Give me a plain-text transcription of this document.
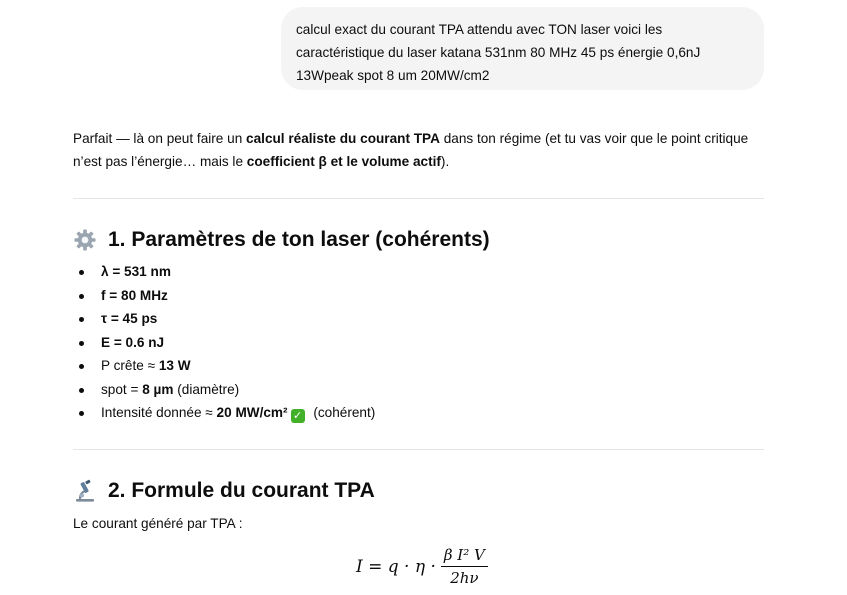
calcul exact du courant TPA attendu avec TON laser voici les
caractéristique du laser katana 531nm 80 MHz 45 ps énergie 0,6nJ
13Wpeak spot 8 um 20MW/cm2
Parfait — là on peut faire un calcul réaliste du courant TPA dans ton régime (et tu vas voir que le point critique n’est pas l’énergie… mais le coefficient β et le volume actif).
1. Paramètres de ton laser (cohérents)
λ = 531 nm
f = 80 MHz
τ = 45 ps
E = 0.6 nJ
P crête ≈ 13 W
spot = 8 µm (diamètre)
Intensité donnée ≈ 20 MW/cm² ✓ (cohérent)
2. Formule du courant TPA
Le courant généré par TPA :
$I = q \cdot \eta \cdot \frac{\text{β I² V}}{2h\nu}$
